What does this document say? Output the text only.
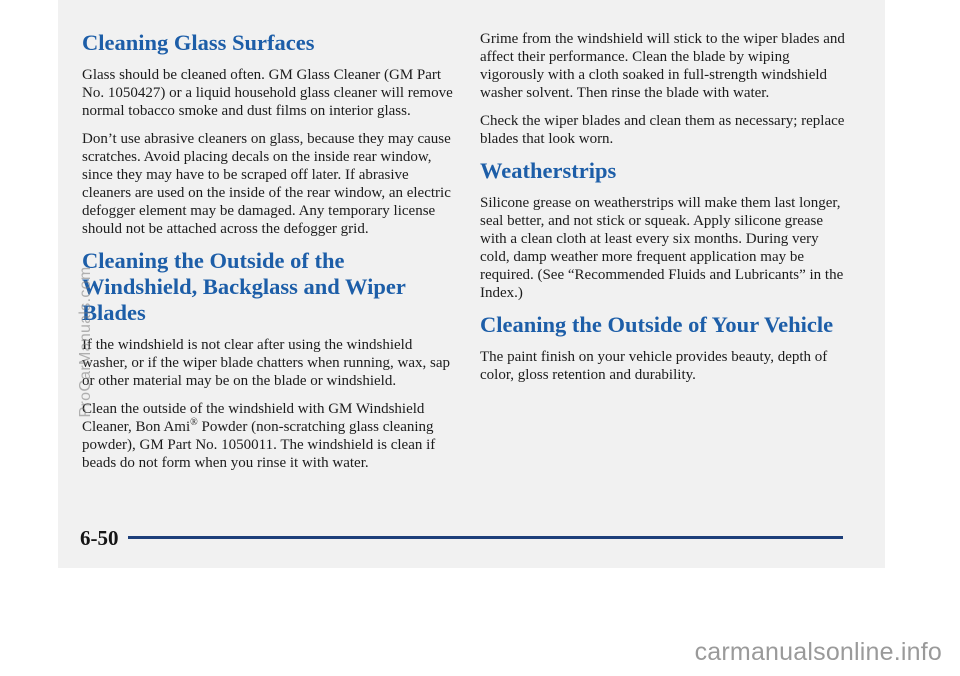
Cleaning Glass Surfaces

Glass should be cleaned often. GM Glass Cleaner (GM Part No. 1050427) or a liquid household glass cleaner will remove normal tobacco smoke and dust films on interior glass.

Don’t use abrasive cleaners on glass, because they may cause scratches. Avoid placing decals on the inside rear window, since they may have to be scraped off later. If abrasive cleaners are used on the inside of the rear window, an electric defogger element may be damaged. Any temporary license should not be attached across the defogger grid.

Cleaning the Outside of the Windshield, Backglass and Wiper Blades

If the windshield is not clear after using the windshield washer, or if the wiper blade chatters when running, wax, sap or other material may be on the blade or windshield.

Clean the outside of the windshield with GM Windshield Cleaner, Bon Ami® Powder (non-scratching glass cleaning powder), GM Part No. 1050011. The windshield is clean if beads do not form when you rinse it with water.

Grime from the windshield will stick to the wiper blades and affect their performance. Clean the blade by wiping vigorously with a cloth soaked in full-strength windshield washer solvent. Then rinse the blade with water.

Check the wiper blades and clean them as necessary; replace blades that look worn.

Weatherstrips

Silicone grease on weatherstrips will make them last longer, seal better, and not stick or squeak. Apply silicone grease with a clean cloth at least every six months. During very cold, damp weather more frequent application may be required. (See “Recommended Fluids and Lubricants” in the Index.)

Cleaning the Outside of Your Vehicle

The paint finish on your vehicle provides beauty, depth of color, gloss retention and durability.

6-50
ProCarManuals.com
carmanualsonline.info
